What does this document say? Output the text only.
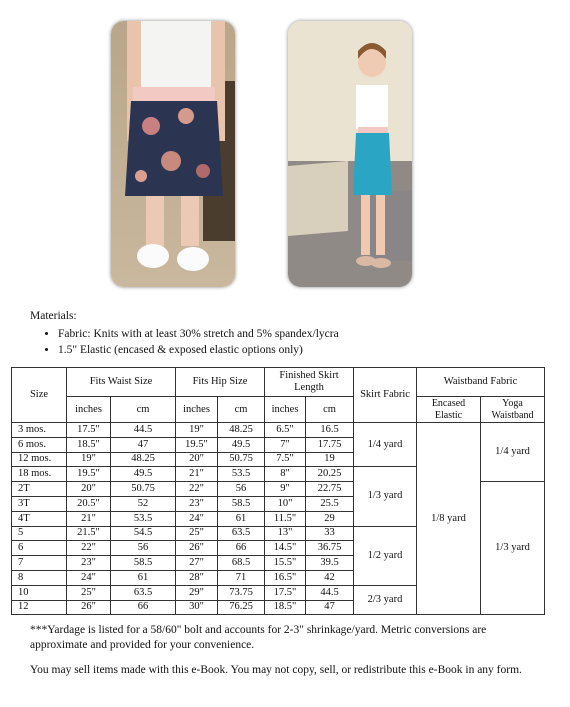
Materials:
• Fabric: Knits with at least 30% stretch and 5% spandex/lycra
• 1.5" Elastic (encased & exposed elastic options only)
Size	Fits Waist Size		Fits Hip Size		Finished Skirt Length		Skirt Fabric	Waistband Fabric	
	inches	cm	inches	cm	inches	cm		Encased Elastic	Yoga Waistband
3 mos.	17.5"	44.5	19"	48.25	6.5"	16.5	1/4 yard	1/8 yard	1/4 yard
6 mos.	18.5"	47	19.5"	49.5	7"	17.75			
12 mos.	19"	48.25	20"	50.75	7.5"	19			
18 mos.	19.5"	49.5	21"	53.5	8"	20.25	1/3 yard		
2T	20"	50.75	22"	56	9"	22.75			1/3 yard
3T	20.5"	52	23"	58.5	10"	25.5			
4T	21"	53.5	24"	61	11.5"	29			
5	21.5"	54.5	25"	63.5	13"	33	1/2 yard		
6	22"	56	26"	66	14.5"	36.75			
7	23"	58.5	27"	68.5	15.5"	39.5			
8	24"	61	28"	71	16.5"	42			
10	25"	63.5	29"	73.75	17.5"	44.5	2/3 yard		
12	26"	66	30"	76.25	18.5"	47			
***Yardage is listed for a 58/60" bolt and accounts for 2-3" shrinkage/yard. Metric conversions are approximate and provided for your convenience.
You may sell items made with this e-Book. You may not copy, sell, or redistribute this e-Book in any form.
